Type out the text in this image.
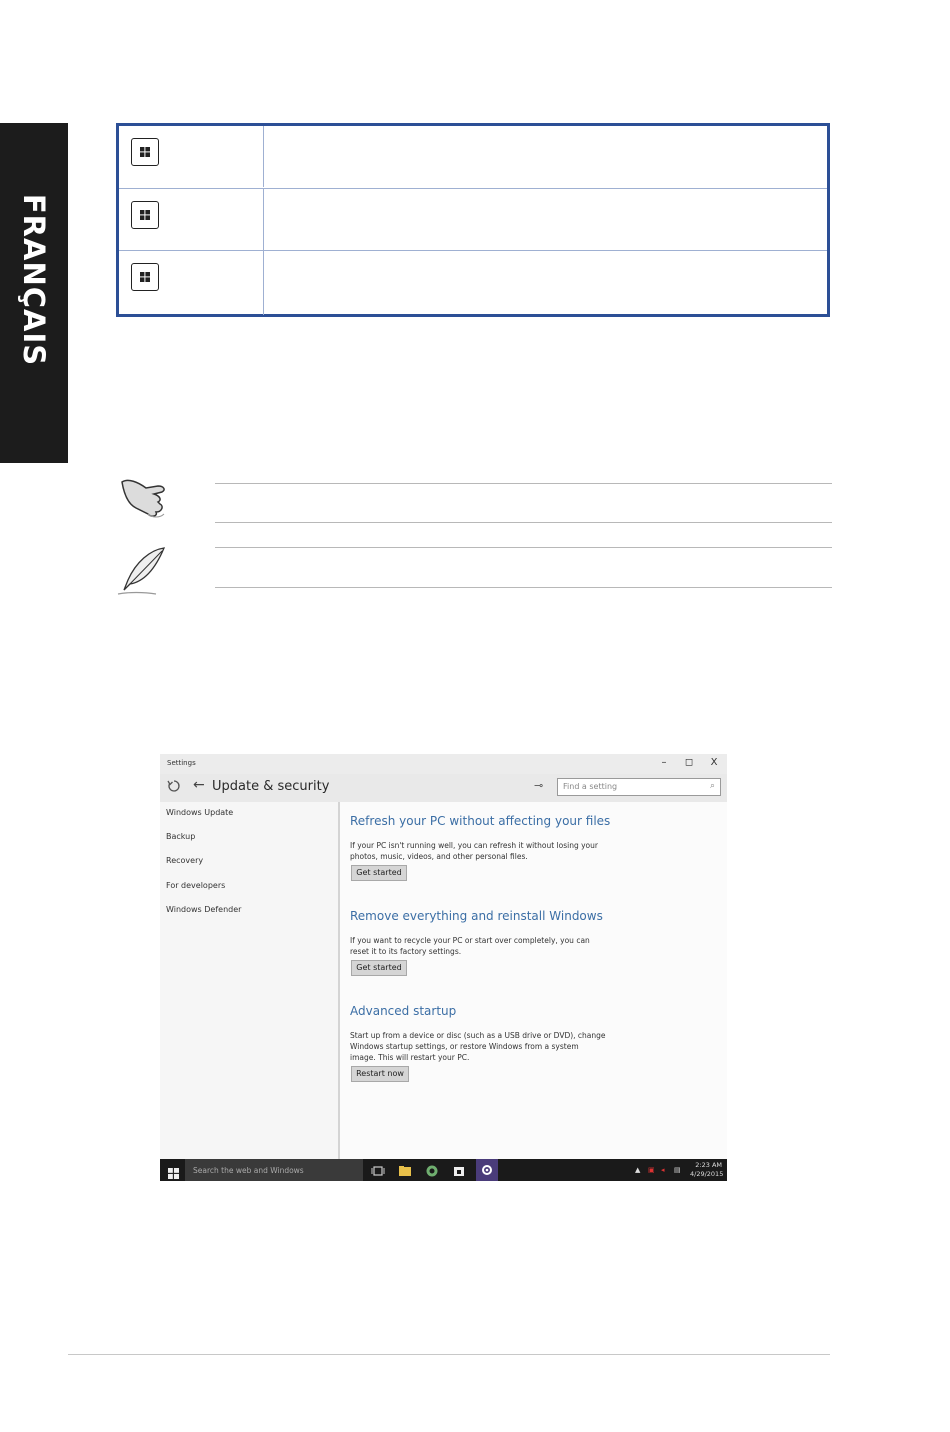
FRANÇAIS
Settings	–	◻	X
← Update & security	⊸ Find a setting	⌕
Windows Update
Backup
Recovery
For developers
Windows Defender
Refresh your PC without affecting your files
If your PC isn't running well, you can refresh it without losing your
photos, music, videos, and other personal files.
Get started
Remove everything and reinstall Windows
If you want to recycle your PC or start over completely, you can
reset it to its factory settings.
Get started
Advanced startup
Start up from a device or disc (such as a USB drive or DVD), change
Windows startup settings, or restore Windows from a system
image. This will restart your PC.
Restart now
Search the web and Windows	▲ ▣ ◂ ▤
2:23 AM
4/29/2015
